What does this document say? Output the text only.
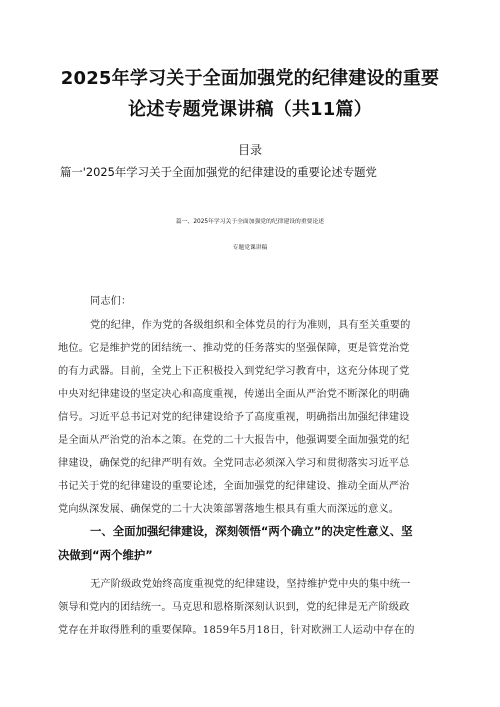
2025年学习关于全面加强党的纪律建设的重要
论述专题党课讲稿（共11篇）
目录
篇一'2025年学习关于全面加强党的纪律建设的重要论述专题党
篇一、2025年学习关于全面加强党的纪律建设的重要论述
专题党课讲稿
同志们：
党的纪律，作为党的各级组织和全体党员的行为准则，具有至关重要的
地位。它是维护党的团结统一、推动党的任务落实的坚强保障，更是管党治党
的有力武器。目前，全党上下正积极投入到党纪学习教育中，这充分体现了党
中央对纪律建设的坚定决心和高度重视，传递出全面从严治党不断深化的明确
信号。习近平总书记对党的纪律建设给予了高度重视，明确指出加强纪律建设
是全面从严治党的治本之策。在党的二十大报告中，他强调要全面加强党的纪
律建设，确保党的纪律严明有效。全党同志必须深入学习和贯彻落实习近平总
书记关于党的纪律建设的重要论述，全面加强党的纪律建设、推动全面从严治
党向纵深发展、确保党的二十大决策部署落地生根具有重大而深远的意义。
一、全面加强纪律建设，深刻领悟“两个确立”的决定性意义、坚
决做到“两个维护”
无产阶级政党始终高度重视党的纪律建设，坚持维护党中央的集中统一
领导和党内的团结统一。马克思和恩格斯深刻认识到，党的纪律是无产阶级政
党存在并取得胜利的重要保障。1859年5月18日，针对欧洲工人运动中存在的
